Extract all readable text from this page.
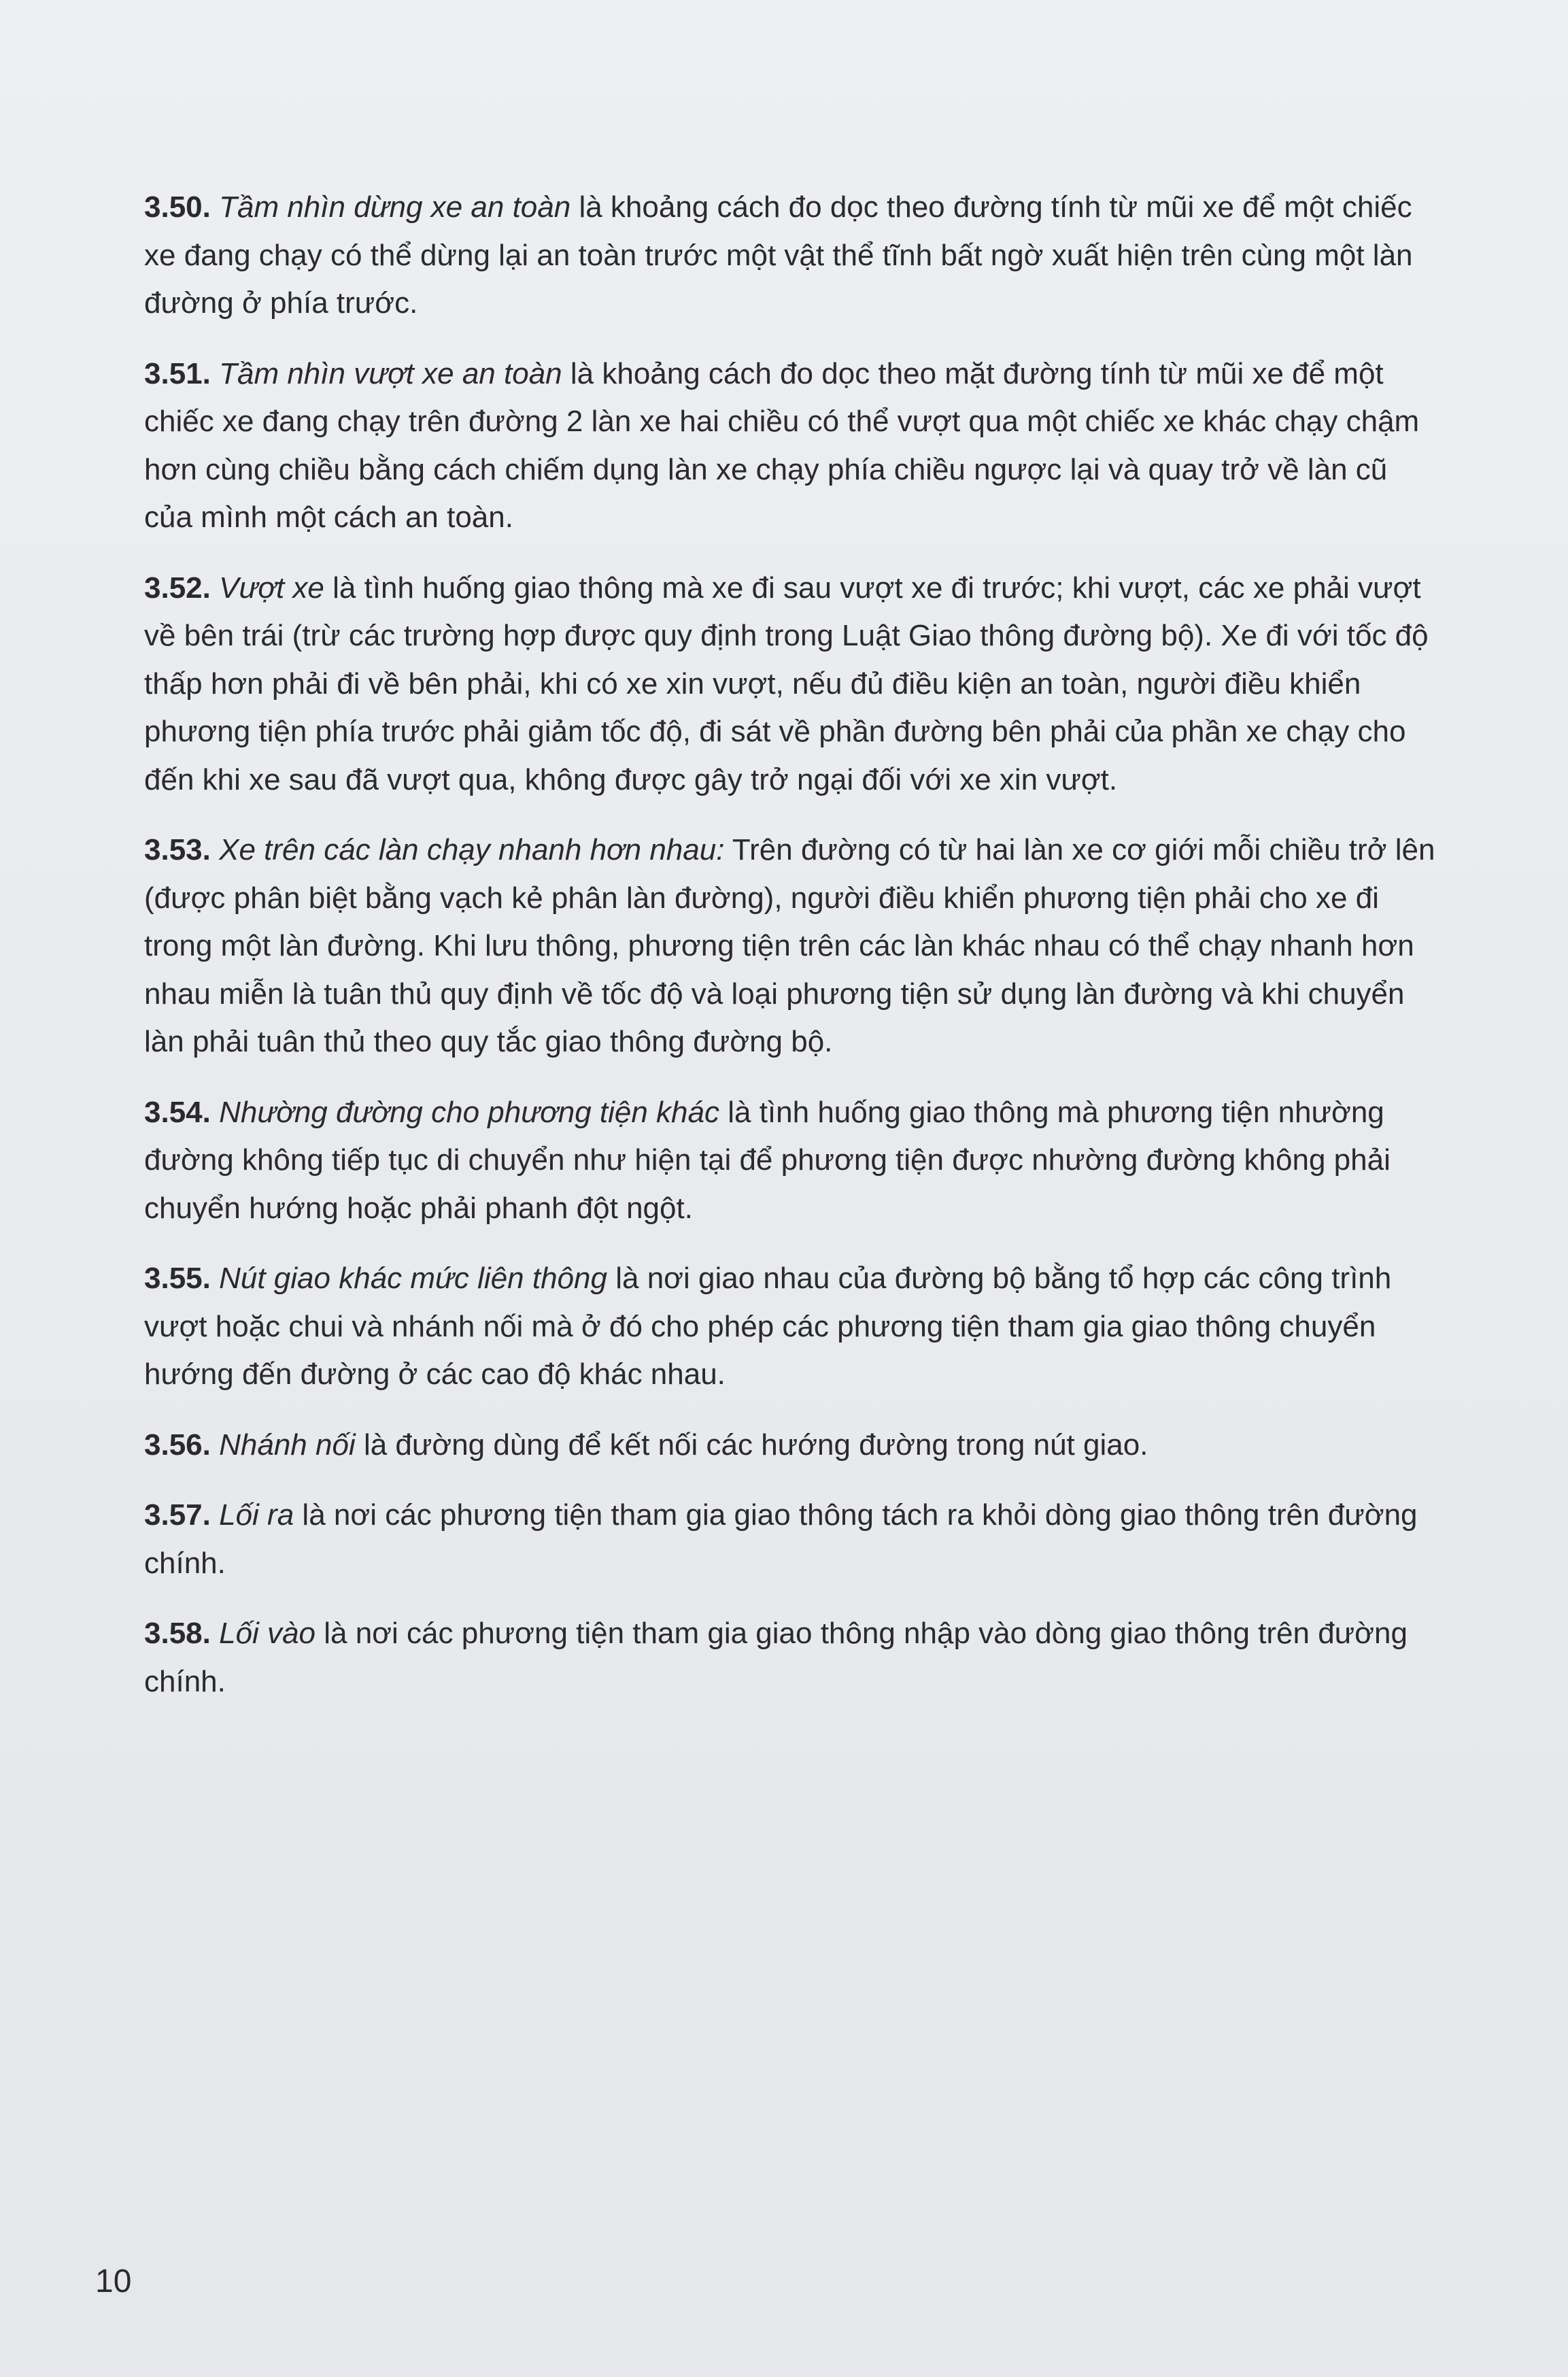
3.50. Tầm nhìn dừng xe an toàn là khoảng cách đo dọc theo đường tính từ mũi xe để một chiếc xe đang chạy có thể dừng lại an toàn trước một vật thể tĩnh bất ngờ xuất hiện trên cùng một làn đường ở phía trước.

3.51. Tầm nhìn vượt xe an toàn là khoảng cách đo dọc theo mặt đường tính từ mũi xe để một chiếc xe đang chạy trên đường 2 làn xe hai chiều có thể vượt qua một chiếc xe khác chạy chậm hơn cùng chiều bằng cách chiếm dụng làn xe chạy phía chiều ngược lại và quay trở về làn cũ của mình một cách an toàn.

3.52. Vượt xe là tình huống giao thông mà xe đi sau vượt xe đi trước; khi vượt, các xe phải vượt về bên trái (trừ các trường hợp được quy định trong Luật Giao thông đường bộ). Xe đi với tốc độ thấp hơn phải đi về bên phải, khi có xe xin vượt, nếu đủ điều kiện an toàn, người điều khiển phương tiện phía trước phải giảm tốc độ, đi sát về phần đường bên phải của phần xe chạy cho đến khi xe sau đã vượt qua, không được gây trở ngại đối với xe xin vượt.

3.53. Xe trên các làn chạy nhanh hơn nhau: Trên đường có từ hai làn xe cơ giới mỗi chiều trở lên (được phân biệt bằng vạch kẻ phân làn đường), người điều khiển phương tiện phải cho xe đi trong một làn đường. Khi lưu thông, phương tiện trên các làn khác nhau có thể chạy nhanh hơn nhau miễn là tuân thủ quy định về tốc độ và loại phương tiện sử dụng làn đường và khi chuyển làn phải tuân thủ theo quy tắc giao thông đường bộ.

3.54. Nhường đường cho phương tiện khác là tình huống giao thông mà phương tiện nhường đường không tiếp tục di chuyển như hiện tại để phương tiện được nhường đường không phải chuyển hướng hoặc phải phanh đột ngột.

3.55. Nút giao khác mức liên thông là nơi giao nhau của đường bộ bằng tổ hợp các công trình vượt hoặc chui và nhánh nối mà ở đó cho phép các phương tiện tham gia giao thông chuyển hướng đến đường ở các cao độ khác nhau.

3.56. Nhánh nối là đường dùng để kết nối các hướng đường trong nút giao.

3.57. Lối ra là nơi các phương tiện tham gia giao thông tách ra khỏi dòng giao thông trên đường chính.

3.58. Lối vào là nơi các phương tiện tham gia giao thông nhập vào dòng giao thông trên đường chính.

10
